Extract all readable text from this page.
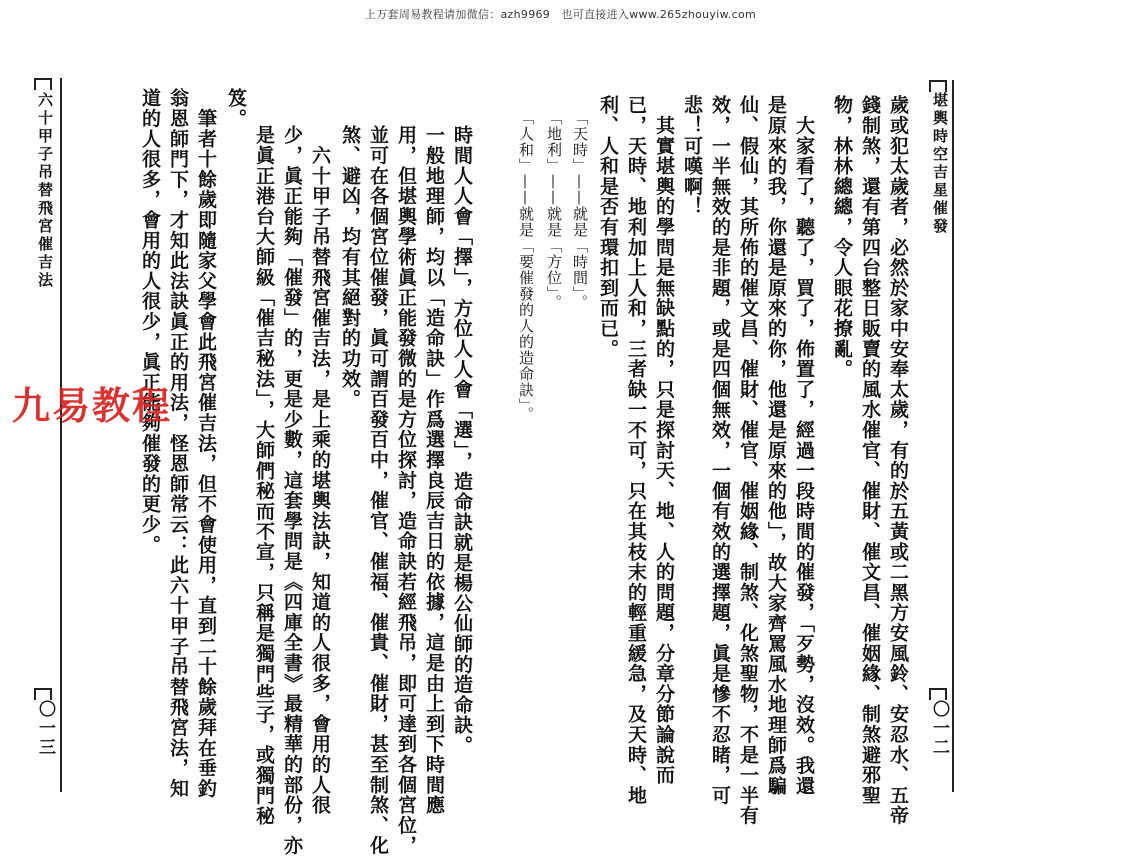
上万套周易教程请加微信：azh9969　也可直接进入www.265zhouyiw.com
堪輿時空吉星催發
〇一二
歲或犯太歲者，必然於家中安奉太歲，有的於五黃或二黑方安風鈴、安忍水、五帝
錢制煞，還有第四台整日販賣的風水催官、催財、催文昌、催姻緣、制煞避邪聖
物，林林總總，令人眼花撩亂。
　大家看了，聽了，買了，佈置了，經過一段時間的催發，「歹勢，沒效。我還
是原來的我，你還是原來的你，他還是原來的他」，故大家齊罵風水地理師爲騙
仙、假仙，其所佈的催文昌、催財、催官、催姻緣、制煞、化煞聖物，不是一半有
效，一半無效的是非題，或是四個無效，一個有效的選擇題，眞是慘不忍睹，可
悲！可嘆啊！
　其實堪輿的學問是無缺點的，只是探討天、地、人的問題，分章分節論說而
已，天時、地利加上人和，三者缺一不可，只在其枝末的輕重緩急，及天時、地
利、人和是否有環扣到而已。
「天時」——就是「時間」。
「地利」——就是「方位」。
「人和」——就是「要催發的人的造命訣」。
時間人人會「擇」，方位人人會「選」，造命訣就是楊公仙師的造命訣。
一般地理師，均以「造命訣」作爲選擇良辰吉日的依據，這是由上到下時間應
用，但堪輿學術眞正能發微的是方位探討，造命訣若經飛吊，即可達到各個宮位，
並可在各個宮位催發，眞可謂百發百中，催官、催福、催貴、催財，甚至制煞、化
煞、避凶，均有其絕對的功效。
　六十甲子吊替飛宮催吉法，是上乘的堪輿法訣，知道的人很多，會用的人很
少，眞正能夠「催發」的，更是少數，這套學問是《四庫全書》最精華的部份，亦
是眞正港台大師級「催吉秘法」，大師們秘而不宣，只稱是獨門些子，或獨門秘
笈。
　筆者十餘歲即隨家父學會此飛宮催吉法，但不會使用，直到二十餘歲拜在垂釣
翁恩師門下，才知此法訣眞正的用法，怪恩師常云：此六十甲子吊替飛宮法，知
道的人很多，會用的人很少，眞正能夠催發的更少。
六十甲子吊替飛宮催吉法
〇一三
九易教程
